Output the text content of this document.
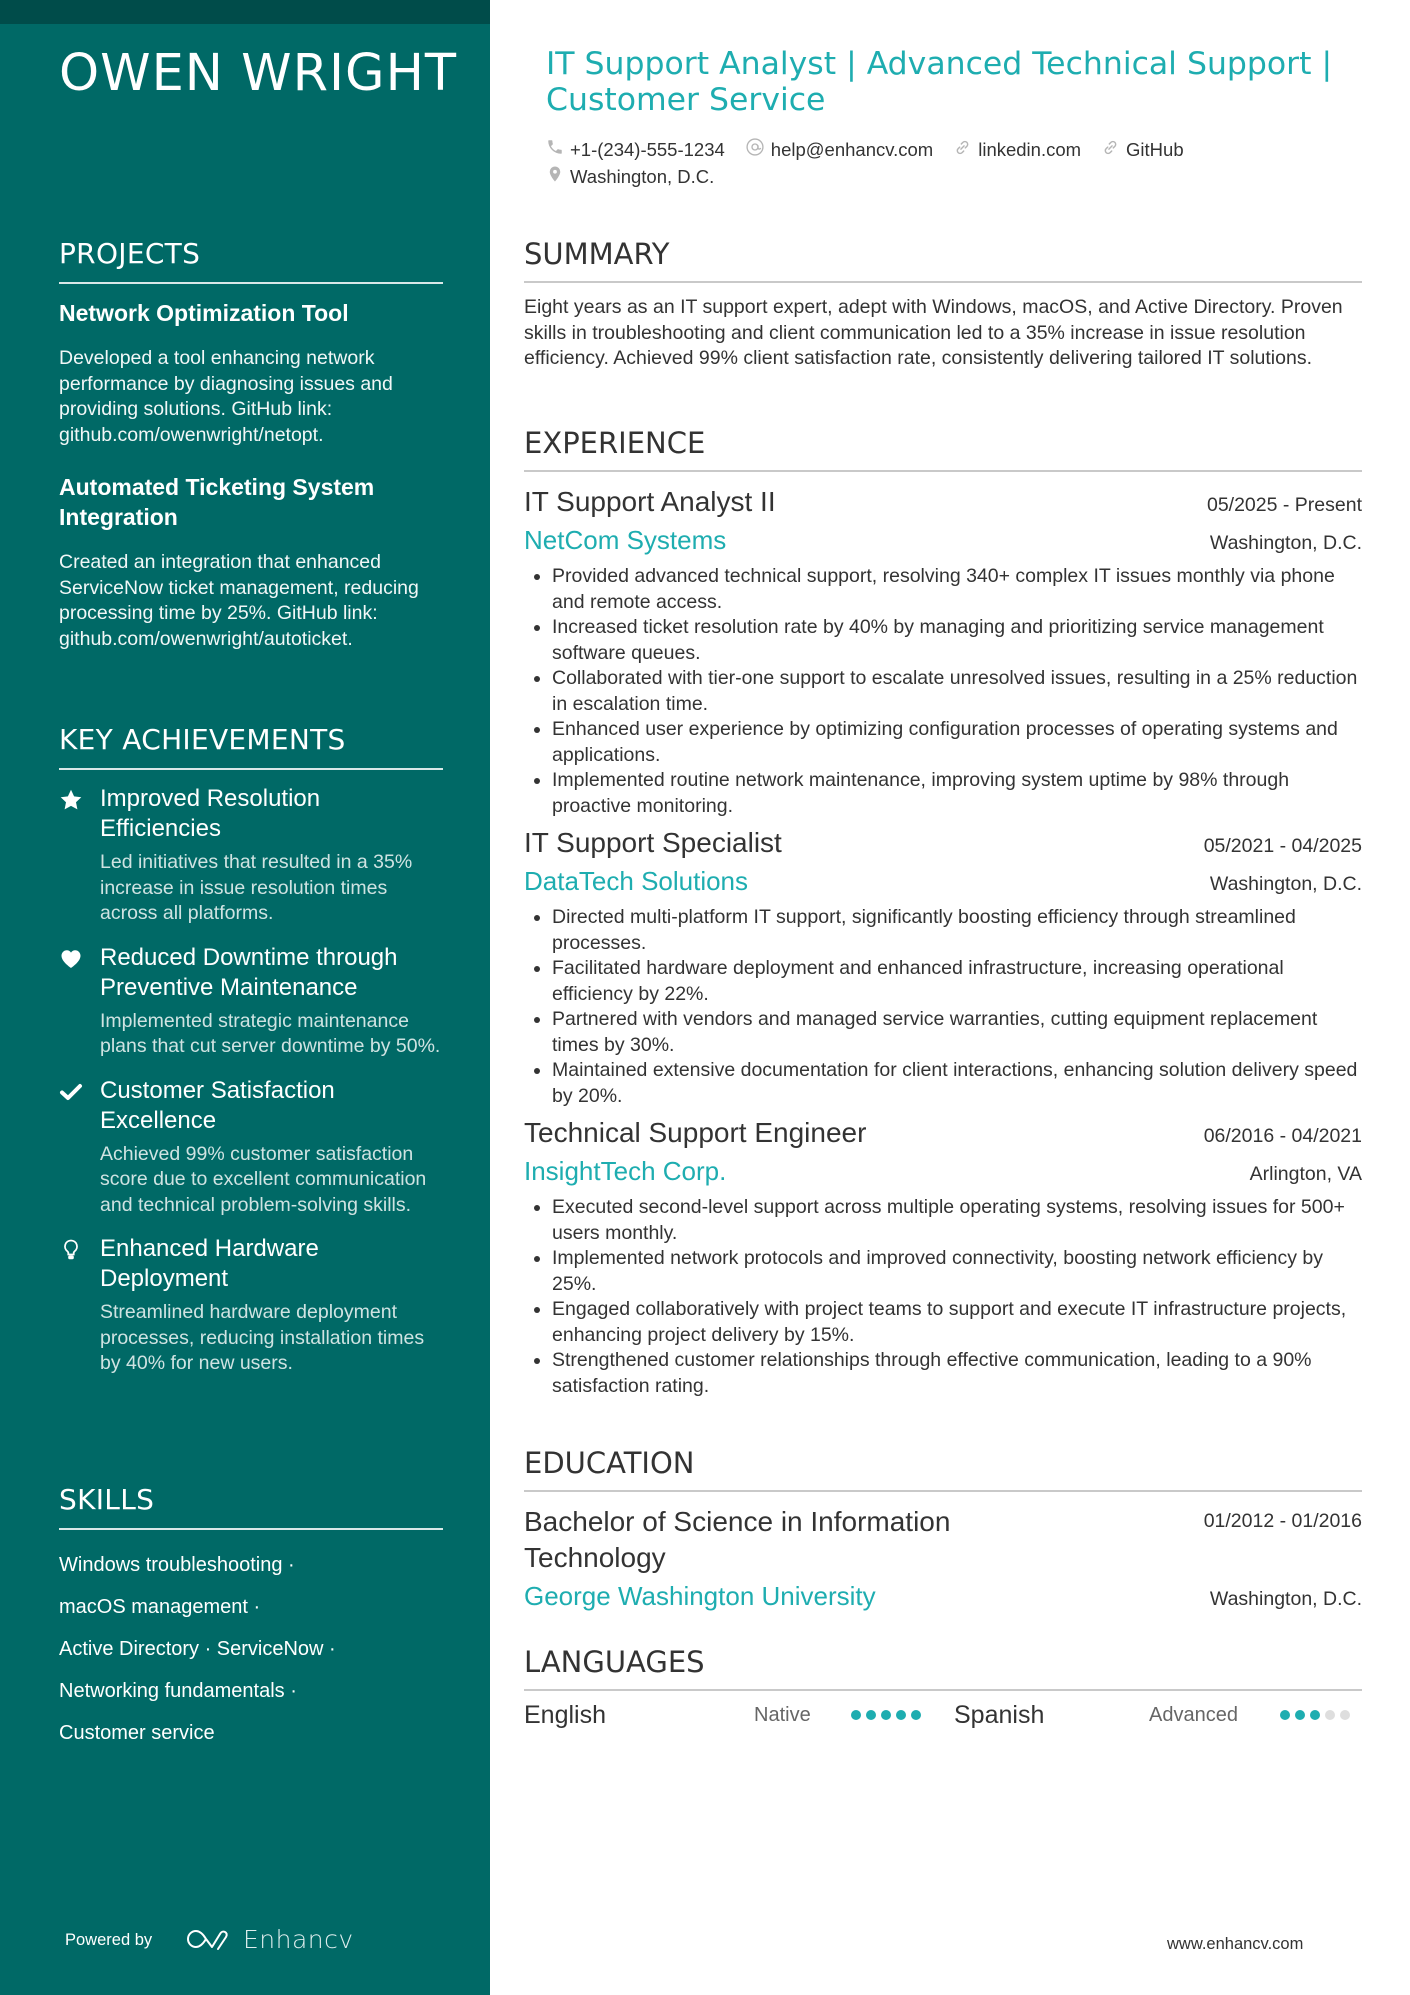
OWEN WRIGHT
PROJECTS
Network Optimization Tool
Developed a tool enhancing network performance by diagnosing issues and providing solutions. GitHub link: github.com/owenwright/netopt.
Automated Ticketing System Integration
Created an integration that enhanced ServiceNow ticket management, reducing processing time by 25%. GitHub link: github.com/owenwright/autoticket.
KEY ACHIEVEMENTS
Improved Resolution Efficiencies
Led initiatives that resulted in a 35% increase in issue resolution times across all platforms.
Reduced Downtime through Preventive Maintenance
Implemented strategic maintenance plans that cut server downtime by 50%.
Customer Satisfaction Excellence
Achieved 99% customer satisfaction score due to excellent communication and technical problem-solving skills.
Enhanced Hardware Deployment
Streamlined hardware deployment processes, reducing installation times by 40% for new users.
SKILLS
Windows troubleshooting ·
macOS management ·
Active Directory · ServiceNow ·
Networking fundamentals ·
Customer service
Powered by	Enhancv
IT Support Analyst | Advanced Technical Support | Customer Service
+1-(234)-555-1234 help@enhancv.com linkedin.com GitHub
Washington, D.C.
SUMMARY
Eight years as an IT support expert, adept with Windows, macOS, and Active Directory. Proven skills in troubleshooting and client communication led to a 35% increase in issue resolution efficiency. Achieved 99% client satisfaction rate, consistently delivering tailored IT solutions.
EXPERIENCE
IT Support Analyst II	05/2025 - Present
NetCom Systems	Washington, D.C.
• Provided advanced technical support, resolving 340+ complex IT issues monthly via phone and remote access.
• Increased ticket resolution rate by 40% by managing and prioritizing service management software queues.
• Collaborated with tier-one support to escalate unresolved issues, resulting in a 25% reduction in escalation time.
• Enhanced user experience by optimizing configuration processes of operating systems and applications.
• Implemented routine network maintenance, improving system uptime by 98% through proactive monitoring.
IT Support Specialist	05/2021 - 04/2025
DataTech Solutions	Washington, D.C.
• Directed multi-platform IT support, significantly boosting efficiency through streamlined processes.
• Facilitated hardware deployment and enhanced infrastructure, increasing operational efficiency by 22%.
• Partnered with vendors and managed service warranties, cutting equipment replacement times by 30%.
• Maintained extensive documentation for client interactions, enhancing solution delivery speed by 20%.
Technical Support Engineer	06/2016 - 04/2021
InsightTech Corp.	Arlington, VA
• Executed second-level support across multiple operating systems, resolving issues for 500+ users monthly.
• Implemented network protocols and improved connectivity, boosting network efficiency by 25%.
• Engaged collaboratively with project teams to support and execute IT infrastructure projects, enhancing project delivery by 15%.
• Strengthened customer relationships through effective communication, leading to a 90% satisfaction rating.
EDUCATION
Bachelor of Science in Information Technology
01/2012 - 01/2016
George Washington University	Washington, D.C.
LANGUAGES
English	Native	Spanish	Advanced
www.enhancv.com
